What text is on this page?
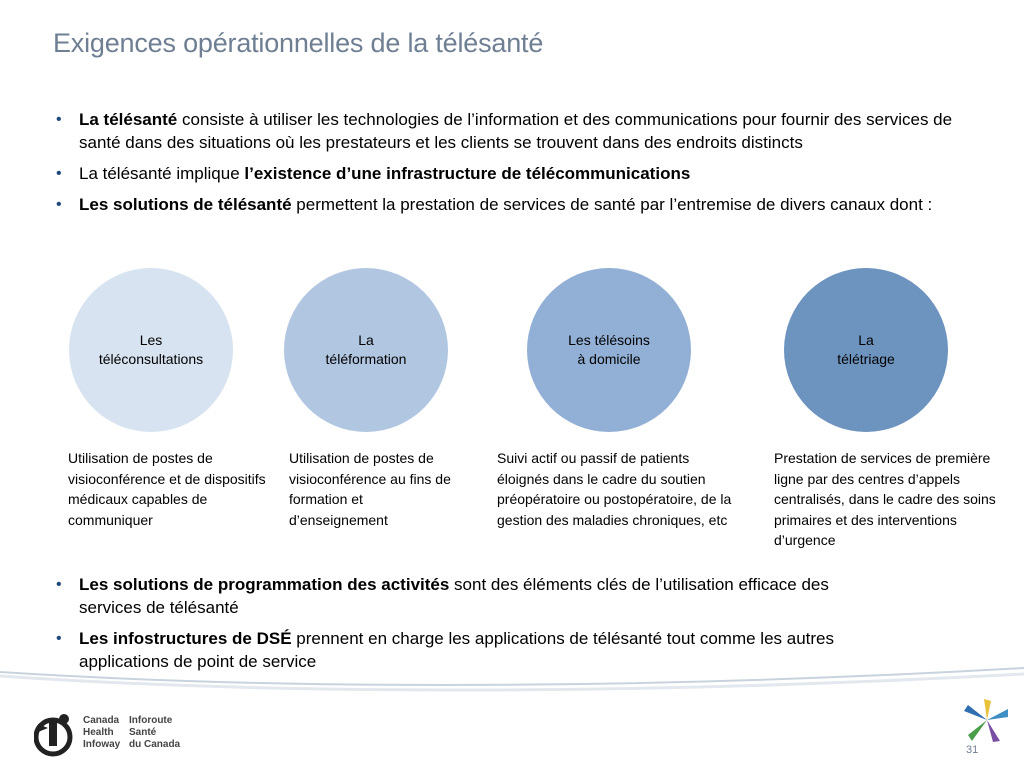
Exigences opérationnelles de la télésanté
• La télésanté consiste à utiliser les technologies de l’information et des communications pour fournir des services de santé dans des situations où les prestateurs et les clients se trouvent dans des endroits distincts
• La télésanté implique l’existence d’une infrastructure de télécommunications
• Les solutions de télésanté permettent la prestation de services de santé par l’entremise de divers canaux dont :
Les
téléconsultations
La
téléformation
Les télésoins
à domicile
La
télétriage
Utilisation de postes de visioconférence et de dispositifs médicaux capables de communiquer
Utilisation de postes de visioconférence au fins de formation et d’enseignement
Suivi actif ou passif de patients éloignés dans le cadre du soutien préopératoire ou postopératoire, de la gestion des maladies chroniques, etc
Prestation de services de première ligne par des centres d’appels centralisés, dans le cadre des soins primaires et des interventions d’urgence
• Les solutions de programmation des activités sont des éléments clés de l’utilisation efficace des services de télésanté
• Les infostructures de DSÉ prennent en charge les applications de télésanté tout comme les autres applications de point de service
Canada
Health
Infoway
Inforoute
Santé
du Canada	31
